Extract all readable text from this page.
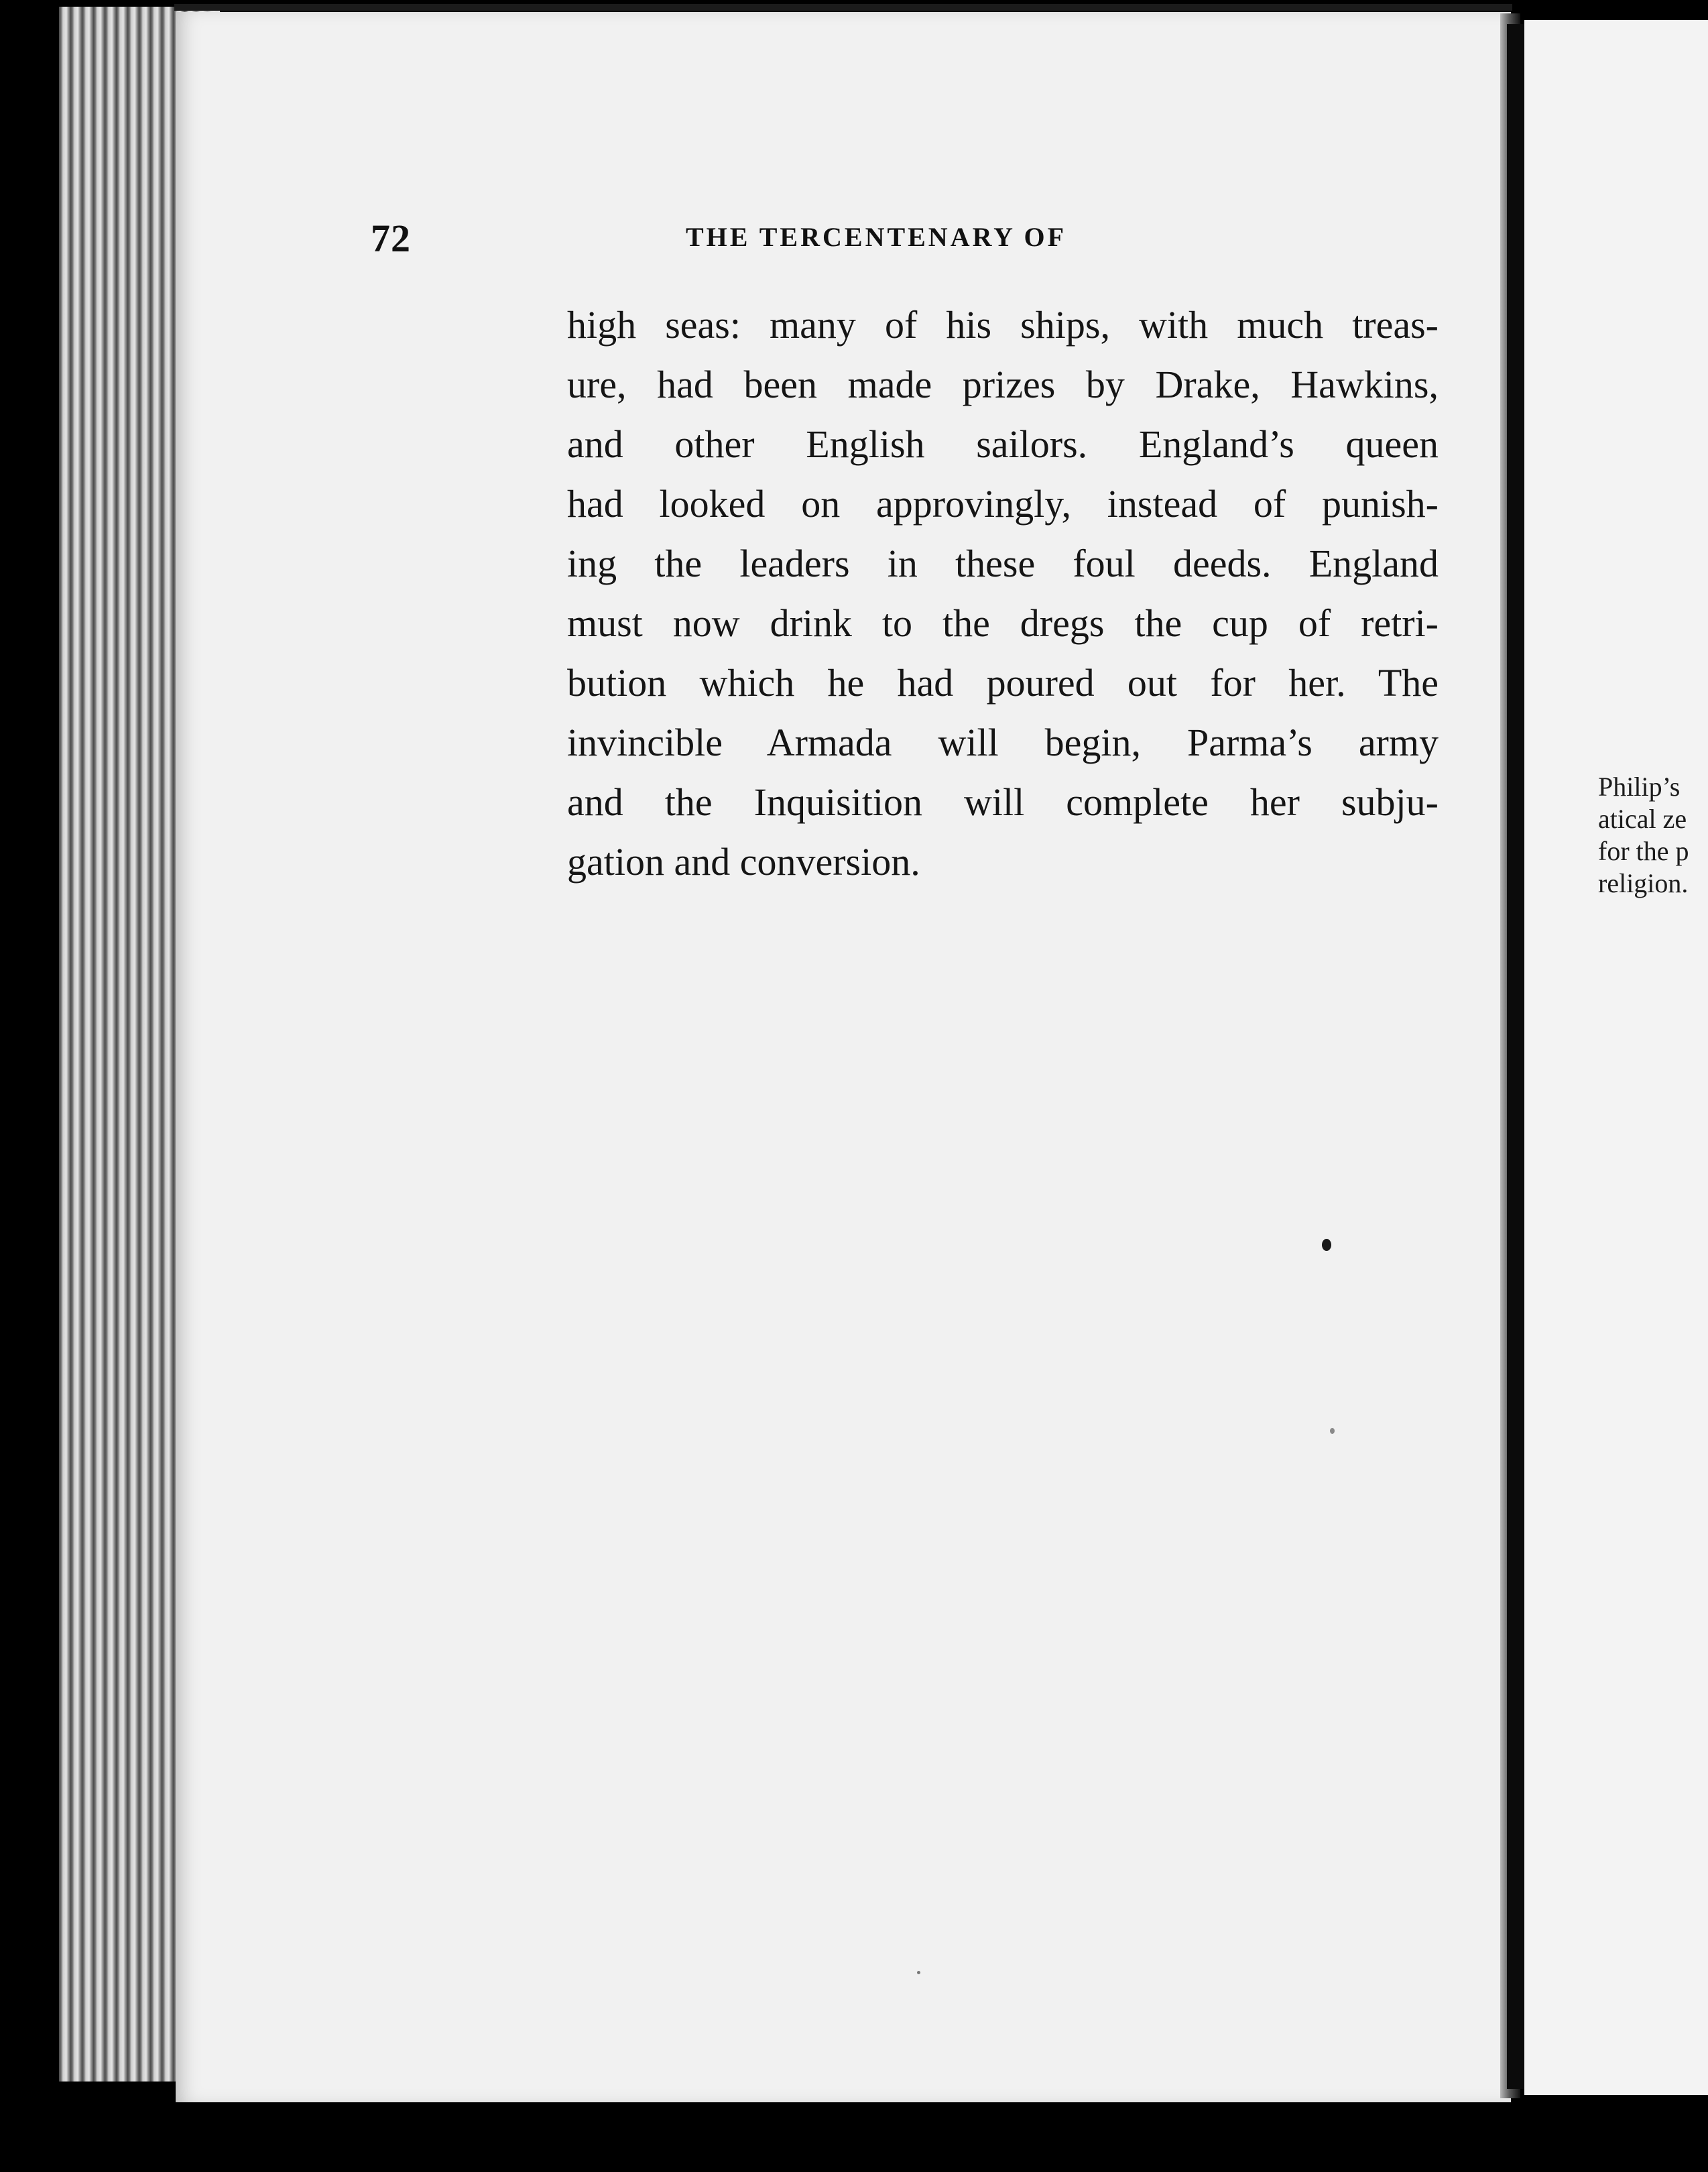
Philip’s
atical ze
for the p
religion.
72	THE TERCENTENARY OF
high seas: many of his ships, with much treas-
ure, had been made prizes by Drake, Hawkins,
and other English sailors. England’s queen
had looked on approvingly, instead of punish-
ing the leaders in these foul deeds. England
must now drink to the dregs the cup of retri-
bution which he had poured out for her. The
invincible Armada will begin, Parma’s army
and the Inquisition will complete her subju-
gation and conversion.
